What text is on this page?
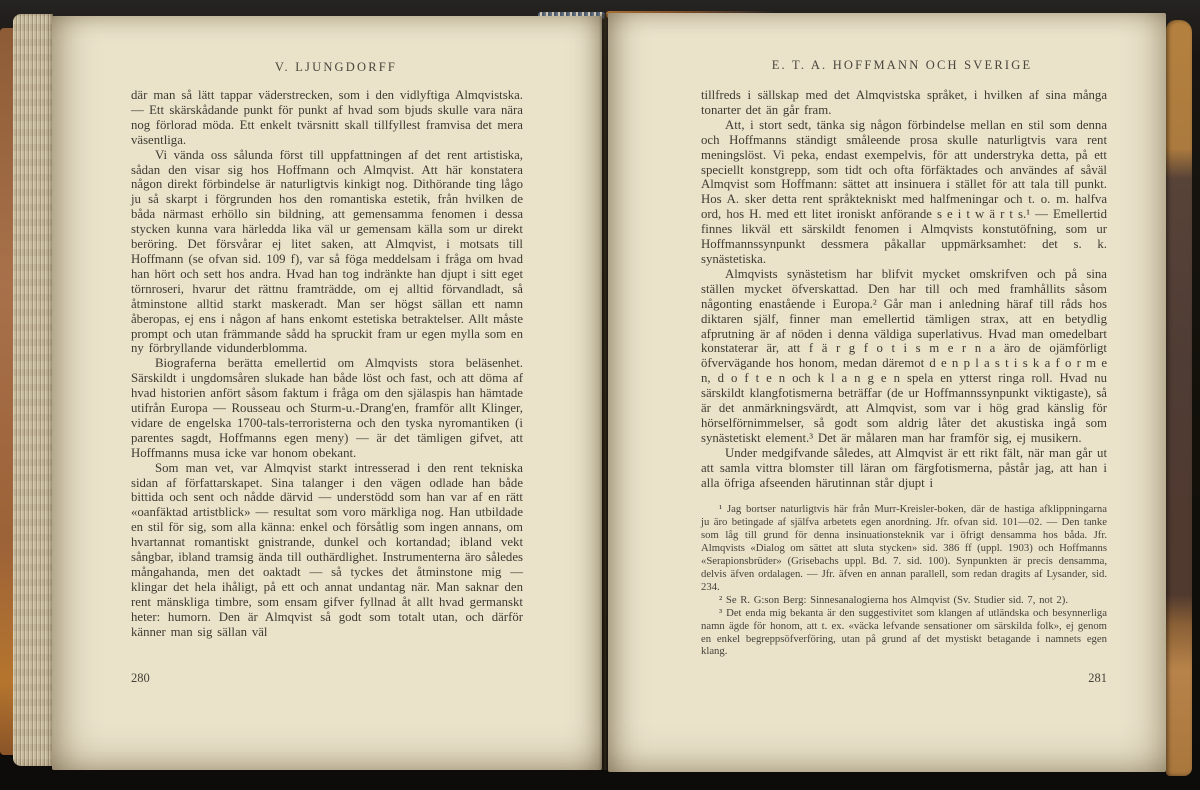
V. LJUNGDORFF

där man så lätt tappar väderstrecken, som i den vidlyftiga Almqvistska. — Ett skärskådande punkt för punkt af hvad som bjuds skulle vara nära nog förlorad möda. Ett enkelt tvärsnitt skall tillfyllest framvisa det mera väsentliga.

Vi vända oss sålunda först till uppfattningen af det rent artistiska, sådan den visar sig hos Hoffmann och Almqvist. Att här konstatera någon direkt förbindelse är naturligtvis kinkigt nog. Dithörande ting lågo ju så skarpt i förgrunden hos den romantiska estetik, från hvilken de båda närmast erhöllo sin bildning, att gemensamma fenomen i dessa stycken kunna vara härledda lika väl ur gemensam källa som ur direkt beröring. Det försvårar ej litet saken, att Almqvist, i motsats till Hoffmann (se ofvan sid. 109 f), var så föga meddelsam i fråga om hvad han hört och sett hos andra. Hvad han tog indränkte han djupt i sitt eget törnroseri, hvarur det rättnu framträdde, om ej alltid förvandladt, så åtminstone alltid starkt maskeradt. Man ser högst sällan ett namn åberopas, ej ens i någon af hans enkomt estetiska betraktelser. Allt måste prompt och utan främmande sådd ha spruckit fram ur egen mylla som en ny förbryllande vidunderblomma.

Biograferna berätta emellertid om Almqvists stora beläsenhet. Särskildt i ungdomsåren slukade han både löst och fast, och att döma af hvad historien anfört såsom faktum i fråga om den själaspis han hämtade utifrån Europa — Rousseau och Sturm-u.-Drang'en, framför allt Klinger, vidare de engelska 1700-tals-terroristerna och den tyska nyromantiken (i parentes sagdt, Hoffmanns egen meny) — är det tämligen gifvet, att Hoffmanns musa icke var honom obekant.

Som man vet, var Almqvist starkt intresserad i den rent tekniska sidan af författarskapet. Sina talanger i den vägen odlade han både bittida och sent och nådde därvid — understödd som han var af en rätt «oanfäktad artistblick» — resultat som voro märkliga nog. Han utbildade en stil för sig, som alla känna: enkel och försåtlig som ingen annans, om hvartannat romantiskt gnistrande, dunkel och kortandad; ibland vekt sångbar, ibland tramsig ända till outhärdlighet. Instrumenterna äro således mångahanda, men det oaktadt — så tyckes det åtminstone mig — klingar det hela ihåligt, på ett och annat undantag när. Man saknar den rent mänskliga timbre, som ensam gifver fyllnad åt allt hvad germanskt heter: humorn. Den är Almqvist så godt som totalt utan, och därför känner man sig sällan väl

280
E. T. A. HOFFMANN OCH SVERIGE

tillfreds i sällskap med det Almqvistska språket, i hvilken af sina många tonarter det än går fram.

Att, i stort sedt, tänka sig någon förbindelse mellan en stil som denna och Hoffmanns ständigt småleende prosa skulle naturligtvis vara rent meningslöst. Vi peka, endast exempelvis, för att understryka detta, på ett speciellt konstgrepp, som tidt och ofta förfäktades och användes af såväl Almqvist som Hoffmann: sättet att insinuera i stället för att tala till punkt. Hos A. sker detta rent språktekniskt med halfmeningar och t. o. m. halfva ord, hos H. med ett litet ironiskt anförande s e i t w ä r t s.¹ — Emellertid finnes likväl ett särskildt fenomen i Almqvists konstutöfning, som ur Hoffmannssynpunkt dessmera påkallar uppmärksamhet: det s. k. synästetiska.

Almqvists synästetism har blifvit mycket omskrifven och på sina ställen mycket öfverskattad. Den har till och med framhållits såsom någonting enastående i Europa.² Går man i anledning häraf till råds hos diktaren själf, finner man emellertid tämligen strax, att en betydlig afprutning är af nöden i denna väldiga superlativus. Hvad man omedelbart konstaterar är, att f ä r g f o t i s m e r n a äro de ojämförligt öfvervägande hos honom, medan däremot d e n p l a s t i s k a f o r m e n, d o f t e n och k l a n g e n spela en ytterst ringa roll. Hvad nu särskildt klangfotismerna beträffar (de ur Hoffmannssynpunkt viktigaste), så är det anmärkningsvärdt, att Almqvist, som var i hög grad känslig för hörselförnimmelser, så godt som aldrig låter det akustiska ingå som synästetiskt element.³ Det är målaren man har framför sig, ej musikern.

Under medgifvande således, att Almqvist är ett rikt fält, när man går ut att samla vittra blomster till läran om färgfotismerna, påstår jag, att han i alla öfriga afseenden härutinnan står djupt i

¹ Jag bortser naturligtvis här från Murr-Kreisler-boken, där de hastiga afklippningarna ju äro betingade af själfva arbetets egen anordning. Jfr. ofvan sid. 101—02. — Den tanke som låg till grund för denna insinuationsteknik var i öfrigt densamma hos båda. Jfr. Almqvists «Dialog om sättet att sluta stycken» sid. 386 ff (uppl. 1903) och Hoffmanns «Serapionsbrüder» (Grisebachs uppl. Bd. 7. sid. 100). Synpunkten är precis densamma, delvis äfven ordalagen. — Jfr. äfven en annan parallell, som redan dragits af Lysander, sid. 234.

² Se R. G:son Berg: Sinnesanalogierna hos Almqvist (Sv. Studier sid. 7, not 2).

³ Det enda mig bekanta är den suggestivitet som klangen af utländska och besynnerliga namn ägde för honom, att t. ex. «väcka lefvande sensationer om särskilda folk», ej genom en enkel begreppsöfverföring, utan på grund af det mystiskt betagande i namnets egen klang.

281
